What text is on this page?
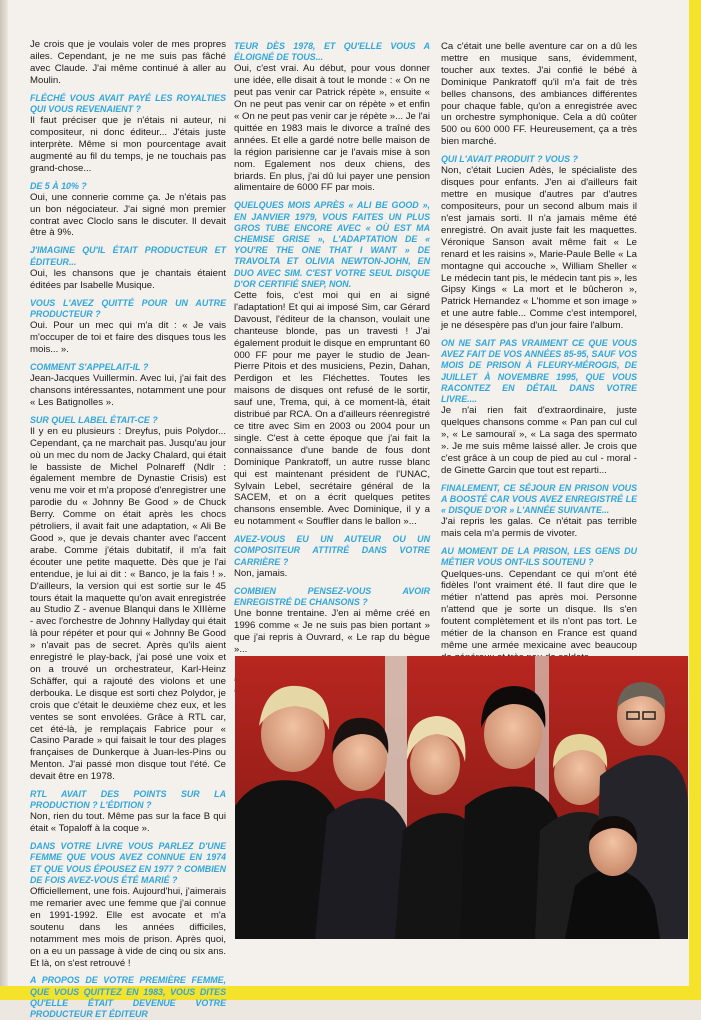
Je crois que je voulais voler de mes propres ailes. Cependant, je ne me suis pas fâché avec Claude. J'ai même continué à aller au Moulin.

FLÉCHÉ VOUS AVAIT PAYÉ LES ROYALTIES QUI VOUS REVENAIENT ?

Il faut préciser que je n'étais ni auteur, ni compositeur, ni donc éditeur... J'étais juste interprète. Même si mon pourcentage avait augmenté au fil du temps, je ne touchais pas grand-chose...

DE 5 À 10% ?

Oui, une connerie comme ça. Je n'étais pas un bon négociateur. J'ai signé mon premier contrat avec Cloclo sans le discuter. Il devait être à 9%.

J'IMAGINE QU'IL ÉTAIT PRODUCTEUR ET ÉDITEUR...

Oui, les chansons que je chantais étaient éditées par Isabelle Musique.

VOUS L'AVEZ QUITTÉ POUR UN AUTRE PRODUCTEUR ?

Oui. Pour un mec qui m'a dit : « Je vais m'occuper de toi et faire des disques tous les mois... ».

COMMENT S'APPELAIT-IL ?

Jean-Jacques Vuillermin. Avec lui, j'ai fait des chansons intéressantes, notamment une pour « Les Batignolles ».

SUR QUEL LABEL ÉTAIT-CE ?

Il y en eu plusieurs : Dreyfus, puis Polydor... Cependant, ça ne marchait pas. Jusqu'au jour où un mec du nom de Jacky Chalard, qui était le bassiste de Michel Polnareff (Ndlr : également membre de Dynastie Crisis) est venu me voir et m'a proposé d'enregistrer une parodie du « Johnny Be Good » de Chuck Berry. Comme on était après les chocs pétroliers, il avait fait une adaptation, « Ali Be Good », que je devais chanter avec l'accent arabe. Comme j'étais dubitatif, il m'a fait écouter une petite maquette. Dès que je l'ai entendue, je lui ai dit : « Banco, je la fais ! ». D'ailleurs, la version qui est sortie sur le 45 tours était la maquette qu'on avait enregistrée au Studio Z - avenue Blanqui dans le XIIIème - avec l'orchestre de Johnny Hallyday qui était là pour répéter et pour qui « Johnny Be Good » n'avait pas de secret. Après qu'ils aient enregistré le play-back, j'ai posé une voix et on a trouvé un orchestrateur, Karl-Heinz Schäffer, qui a rajouté des violons et une derbouka. Le disque est sorti chez Polydor, je crois que c'était le deuxième chez eux, et les ventes se sont envolées. Grâce à RTL car, cet été-là, je remplaçais Fabrice pour « Casino Parade » qui faisait le tour des plages françaises de Dunkerque à Juan-les-Pins ou Menton. J'ai passé mon disque tout l'été. Ce devait être en 1978.

RTL AVAIT DES POINTS SUR LA PRODUCTION ? L'ÉDITION ?

Non, rien du tout. Même pas sur la face B qui était « Topaloff à la coque ».

DANS VOTRE LIVRE VOUS PARLEZ D'UNE FEMME QUE VOUS AVEZ CONNUE EN 1974 ET QUE VOUS ÉPOUSEZ EN 1977 ? COMBIEN DE FOIS AVEZ-VOUS ÉTÉ MARIÉ ?

Officiellement, une fois. Aujourd'hui, j'aimerais me remarier avec une femme que j'ai connue en 1991-1992. Elle est avocate et m'a soutenu dans les années difficiles, notamment mes mois de prison. Après quoi, on a eu un passage à vide de cinq ou six ans. Et là, on s'est retrouvé !

A PROPOS DE VOTRE PREMIÈRE FEMME, QUE VOUS QUITTEZ EN 1983, VOUS DITES QU'ELLE ÉTAIT DEVENUE VOTRE PRODUCTEUR ET ÉDITEUR

TEUR DÈS 1978, ET QU'ELLE VOUS A ÉLOIGNÉ DE TOUS...

Oui, c'est vrai. Au début, pour vous donner une idée, elle disait à tout le monde : « On ne peut pas venir car Patrick répète », ensuite « On ne peut pas venir car on répète » et enfin « On ne peut pas venir car je répète »... Je l'ai quittée en 1983 mais le divorce a traîné des années. Et elle a gardé notre belle maison de la région parisienne car je l'avais mise à son nom. Egalement nos deux chiens, des briards. En plus, j'ai dû lui payer une pension alimentaire de 6000 FF par mois.

QUELQUES MOIS APRÈS « ALI BE GOOD », EN JANVIER 1979, VOUS FAITES UN PLUS GROS TUBE ENCORE AVEC « OÙ EST MA CHEMISE GRISE », L'ADAPTATION DE « YOU'RE THE ONE THAT I WANT » DE TRAVOLTA ET OLIVIA NEWTON-JOHN, EN DUO AVEC SIM. C'EST VOTRE SEUL DISQUE D'OR CERTIFIÉ SNEP, NON.

Cette fois, c'est moi qui en ai signé l'adaptation! Et qui ai imposé Sim, car Gérard Davoust, l'éditeur de la chanson, voulait une chanteuse blonde, pas un travesti ! J'ai également produit le disque en empruntant 60 000 FF pour me payer le studio de Jean-Pierre Pitois et des musiciens, Pezin, Dahan, Perdigon et les Fléchettes. Toutes les maisons de disques ont refusé de le sortir, sauf une, Trema, qui, à ce moment-là, était distribué par RCA. On a d'ailleurs réenregistré ce titre avec Sim en 2003 ou 2004 pour un single. C'est à cette époque que j'ai fait la connaissance d'une bande de fous dont Dominique Pankratoff, un autre russe blanc qui est maintenant président de l'UNAC, Sylvain Lebel, secrétaire général de la SACEM, et on a écrit quelques petites chansons ensemble. Avec Dominique, il y a eu notamment « Souffler dans le ballon »...

AVEZ-VOUS EU UN AUTEUR OU UN COMPOSITEUR ATTITRÉ DANS VOTRE CARRIÈRE ?

Non, jamais.

COMBIEN PENSEZ-VOUS AVOIR ENREGISTRÉ DE CHANSONS ?

Une bonne trentaine. J'en ai même créé en 1996 comme « Je ne suis pas bien portant » que j'ai repris à Ouvrard, « Le rap du bègue »...

Ca c'était une belle aventure car on a dû les mettre en musique sans, évidemment, toucher aux textes. J'ai confié le bébé à Dominique Pankratoff qu'il m'a fait de très belles chansons, des ambiances différentes pour chaque fable, qu'on a enregistrée avec un orchestre symphonique. Cela a dû coûter 500 ou 600 000 FF. Heureusement, ça a très bien marché.

QUI L'AVAIT PRODUIT ? VOUS ?

Non, c'était Lucien Adès, le spécialiste des disques pour enfants. J'en ai d'ailleurs fait mettre en musique d'autres par d'autres compositeurs, pour un second album mais il n'est jamais sorti. Il n'a jamais même été enregistré. On avait juste fait les maquettes. Véronique Sanson avait même fait « Le renard et les raisins », Marie-Paule Belle « La montagne qui accouche », William Sheller « Le médecin tant pis, le médecin tant pis », les Gipsy Kings « La mort et le bûcheron », Patrick Hernandez « L'homme et son image » et une autre fable... Comme c'est intemporel, je ne désespère pas d'un jour faire l'album.

ON NE SAIT PAS VRAIMENT CE QUE VOUS AVEZ FAIT DE VOS ANNÉES 85-95, SAUF VOS MOIS DE PRISON À FLEURY-MÉROGIS, DE JUILLET À NOVEMBRE 1995, QUE VOUS RACONTEZ EN DÉTAIL DANS VOTRE LIVRE....

Je n'ai rien fait d'extraordinaire, juste quelques chansons comme « Pan pan cul cul », « Le samouraï », « La saga des spermato ». Je me suis même laissé aller. Je crois que c'est grâce à un coup de pied au cul - moral - de Ginette Garcin que tout est reparti...

FINALEMENT, CE SÉJOUR EN PRISON VOUS A BOOSTÉ CAR VOUS AVEZ ENREGISTRÉ LE « DISQUE D'OR » L'ANNÉE SUIVANTE...

J'ai repris les galas. Ce n'était pas terrible mais cela m'a permis de vivoter.

AU MOMENT DE LA PRISON, LES GENS DU MÉTIER VOUS ONT-ILS SOUTENU ?

Quelques-uns. Cependant ce qui m'ont été fidèles l'ont vraiment été. Il faut dire que le métier n'attend pas après moi. Personne n'attend que je sorte un disque. Ils s'en foutent complètement et ils n'ont pas tort. Le métier de la chanson en France est quand même une armée mexicaine avec beaucoup
